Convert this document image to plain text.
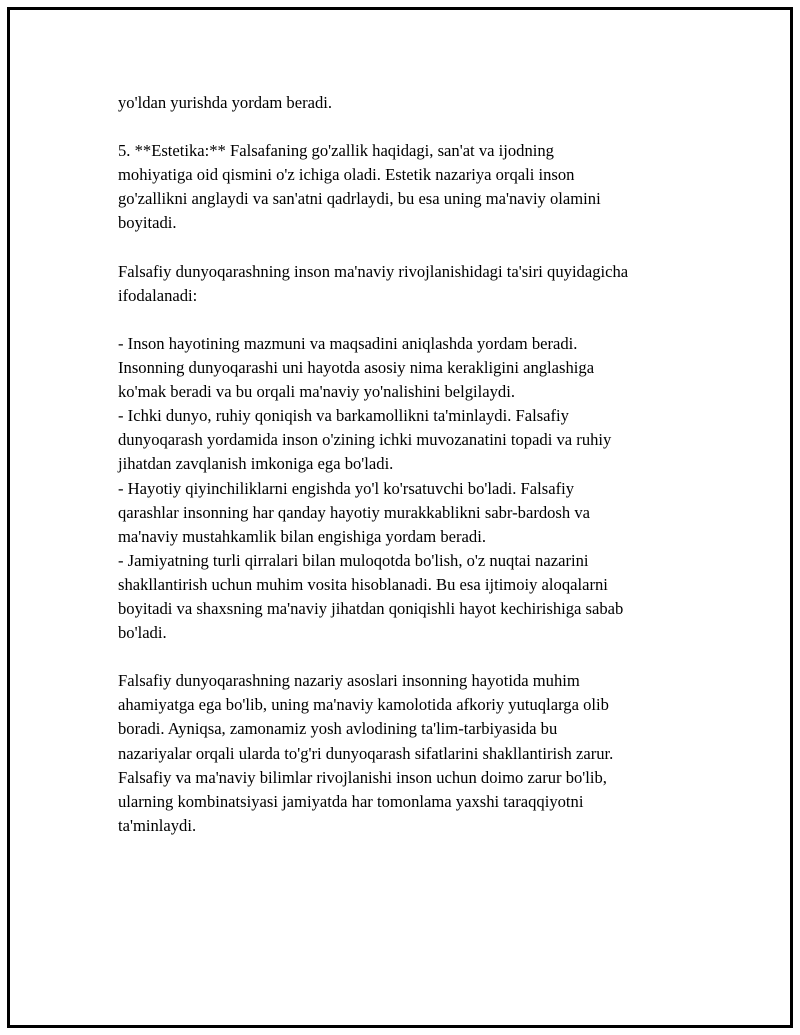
yo'ldan yurishda yordam beradi.

5. **Estetika:** Falsafaning go'zallik haqidagi, san'at va ijodning
mohiyatiga oid qismini o'z ichiga oladi. Estetik nazariya orqali inson
go'zallikni anglaydi va san'atni qadrlaydi, bu esa uning ma'naviy olamini
boyitadi.

Falsafiy dunyoqarashning inson ma'naviy rivojlanishidagi ta'siri quyidagicha
ifodalanadi:

- Inson hayotining mazmuni va maqsadini aniqlashda yordam beradi.
Insonning dunyoqarashi uni hayotda asosiy nima kerakligini anglashiga
ko'mak beradi va bu orqali ma'naviy yo'nalishini belgilaydi.
- Ichki dunyo, ruhiy qoniqish va barkamollikni ta'minlaydi. Falsafiy
dunyoqarash yordamida inson o'zining ichki muvozanatini topadi va ruhiy
jihatdan zavqlanish imkoniga ega bo'ladi.
- Hayotiy qiyinchiliklarni engishda yo'l ko'rsatuvchi bo'ladi. Falsafiy
qarashlar insonning har qanday hayotiy murakkablikni sabr-bardosh va
ma'naviy mustahkamlik bilan engishiga yordam beradi.
- Jamiyatning turli qirralari bilan muloqotda bo'lish, o'z nuqtai nazarini
shakllantirish uchun muhim vosita hisoblanadi. Bu esa ijtimoiy aloqalarni
boyitadi va shaxsning ma'naviy jihatdan qoniqishli hayot kechirishiga sabab
bo'ladi.

Falsafiy dunyoqarashning nazariy asoslari insonning hayotida muhim
ahamiyatga ega bo'lib, uning ma'naviy kamolotida afkoriy yutuqlarga olib
boradi. Ayniqsa, zamonamiz yosh avlodining ta'lim-tarbiyasida bu
nazariyalar orqali ularda to'g'ri dunyoqarash sifatlarini shakllantirish zarur.
Falsafiy va ma'naviy bilimlar rivojlanishi inson uchun doimo zarur bo'lib,
ularning kombinatsiyasi jamiyatda har tomonlama yaxshi taraqqiyotni
ta'minlaydi.
